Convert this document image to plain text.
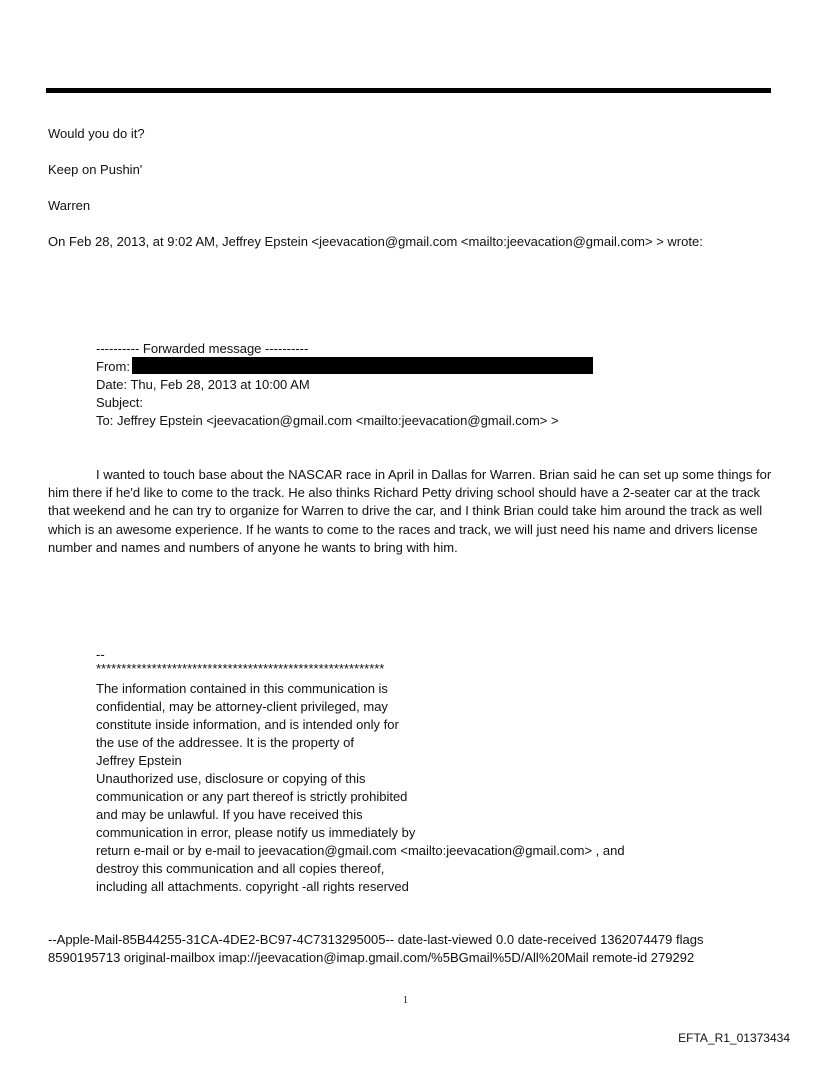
Would you do it?
Keep on Pushin'
Warren
On Feb 28, 2013, at 9:02 AM, Jeffrey Epstein <jeevacation@gmail.com <mailto:jeevacation@gmail.com> > wrote:
---------- Forwarded message ----------
From:
Date: Thu, Feb 28, 2013 at 10:00 AM
Subject:
To: Jeffrey Epstein <jeevacation@gmail.com <mailto:jeevacation@gmail.com> >
I wanted to touch base about the NASCAR race in April in Dallas for Warren. Brian said he can set up some things for him there if he'd like to come to the track. He also thinks Richard Petty driving school should have a 2-seater car at the track that weekend and he can try to organize for Warren to drive the car, and I think Brian could take him around the track as well which is an awesome experience. If he wants to come to the races and track, we will just need his name and drivers license number and names and numbers of anyone he wants to bring with him.
--
*********************************************************
The information contained in this communication is
confidential, may be attorney-client privileged, may
constitute inside information, and is intended only for
the use of the addressee. It is the property of
Jeffrey Epstein
Unauthorized use, disclosure or copying of this
communication or any part thereof is strictly prohibited
and may be unlawful. If you have received this
communication in error, please notify us immediately by
return e-mail or by e-mail to jeevacation@gmail.com <mailto:jeevacation@gmail.com> , and
destroy this communication and all copies thereof,
including all attachments. copyright -all rights reserved
--Apple-Mail-85B44255-31CA-4DE2-BC97-4C7313295005-- date-last-viewed 0.0 date-received 1362074479 flags
8590195713 original-mailbox imap://jeevacation@imap.gmail.com/%5BGmail%5D/All%20Mail remote-id 279292
1
EFTA_R1_01373434
